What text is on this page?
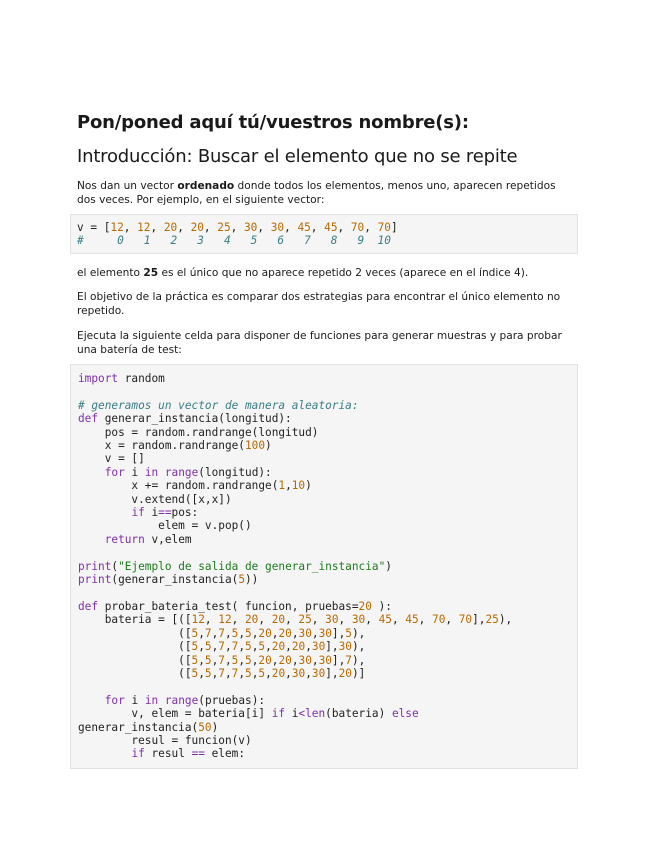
Pon/poned aquí tú/vuestros nombre(s):
Introducción: Buscar el elemento que no se repite

Nos dan un vector ordenado donde todos los elementos, menos uno, aparecen repetidos dos veces. Por ejemplo, en el siguiente vector:

v = [12, 12, 20, 20, 25, 30, 30, 45, 45, 70, 70]
#     0   1   2   3   4   5   6   7   8   9  10

el elemento 25 es el único que no aparece repetido 2 veces (aparece en el índice 4).

El objetivo de la práctica es comparar dos estrategias para encontrar el único elemento no repetido.

Ejecuta la siguiente celda para disponer de funciones para generar muestras y para probar una batería de test:

import random

# generamos un vector de manera aleatoria:
def generar_instancia(longitud):
pos = random.randrange(longitud)
x = random.randrange(100)
v = []
for i in range(longitud):
x += random.randrange(1,10)
v.extend([x,x])
if i==pos:
elem = v.pop()
return v,elem

print("Ejemplo de salida de generar_instancia")
print(generar_instancia(5))

def probar_bateria_test( funcion, pruebas=20 ):
bateria = [([12, 12, 20, 20, 25, 30, 30, 45, 45, 70, 70],25),
([5,7,7,5,5,20,20,30,30],5),
([5,5,7,7,5,5,20,20,30],30),
([5,5,7,5,5,20,20,30,30],7),
([5,5,7,7,5,5,20,30,30],20)]

for i in range(pruebas):
v, elem = bateria[i] if i<len(bateria) else
generar_instancia(50)
resul = funcion(v)
if resul == elem:
